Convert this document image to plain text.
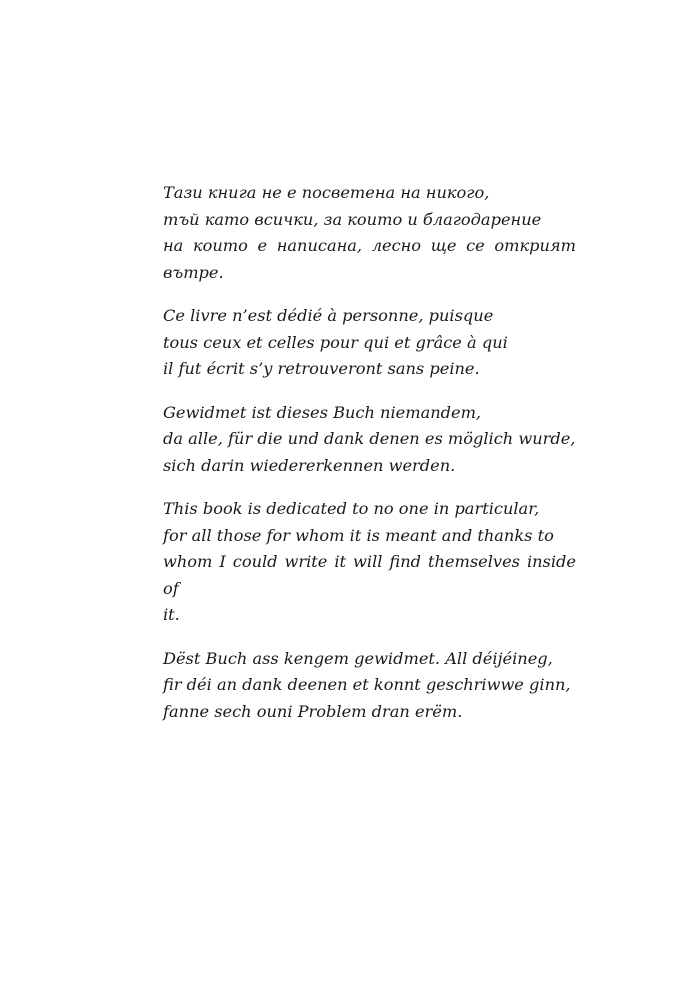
Тази книга не е посветена на никого,
тъй като всички, за които и благодарение
на които е написана, лесно ще се открият
вътре.
Ce livre n’est dédié à personne, puisque
tous ceux et celles pour qui et grâce à qui
il fut écrit s’y retrouveront sans peine.
Gewidmet ist dieses Buch niemandem,
da alle, für die und dank denen es möglich wurde,
sich darin wiedererkennen werden.
This book is dedicated to no one in particular,
for all those for whom it is meant and thanks to
whom I could write it will find themselves inside of
it.
Dëst Buch ass kengem gewidmet. All déijéineg,
fir déi an dank deenen et konnt geschriwwe ginn,
fanne sech ouni Problem dran erëm.
